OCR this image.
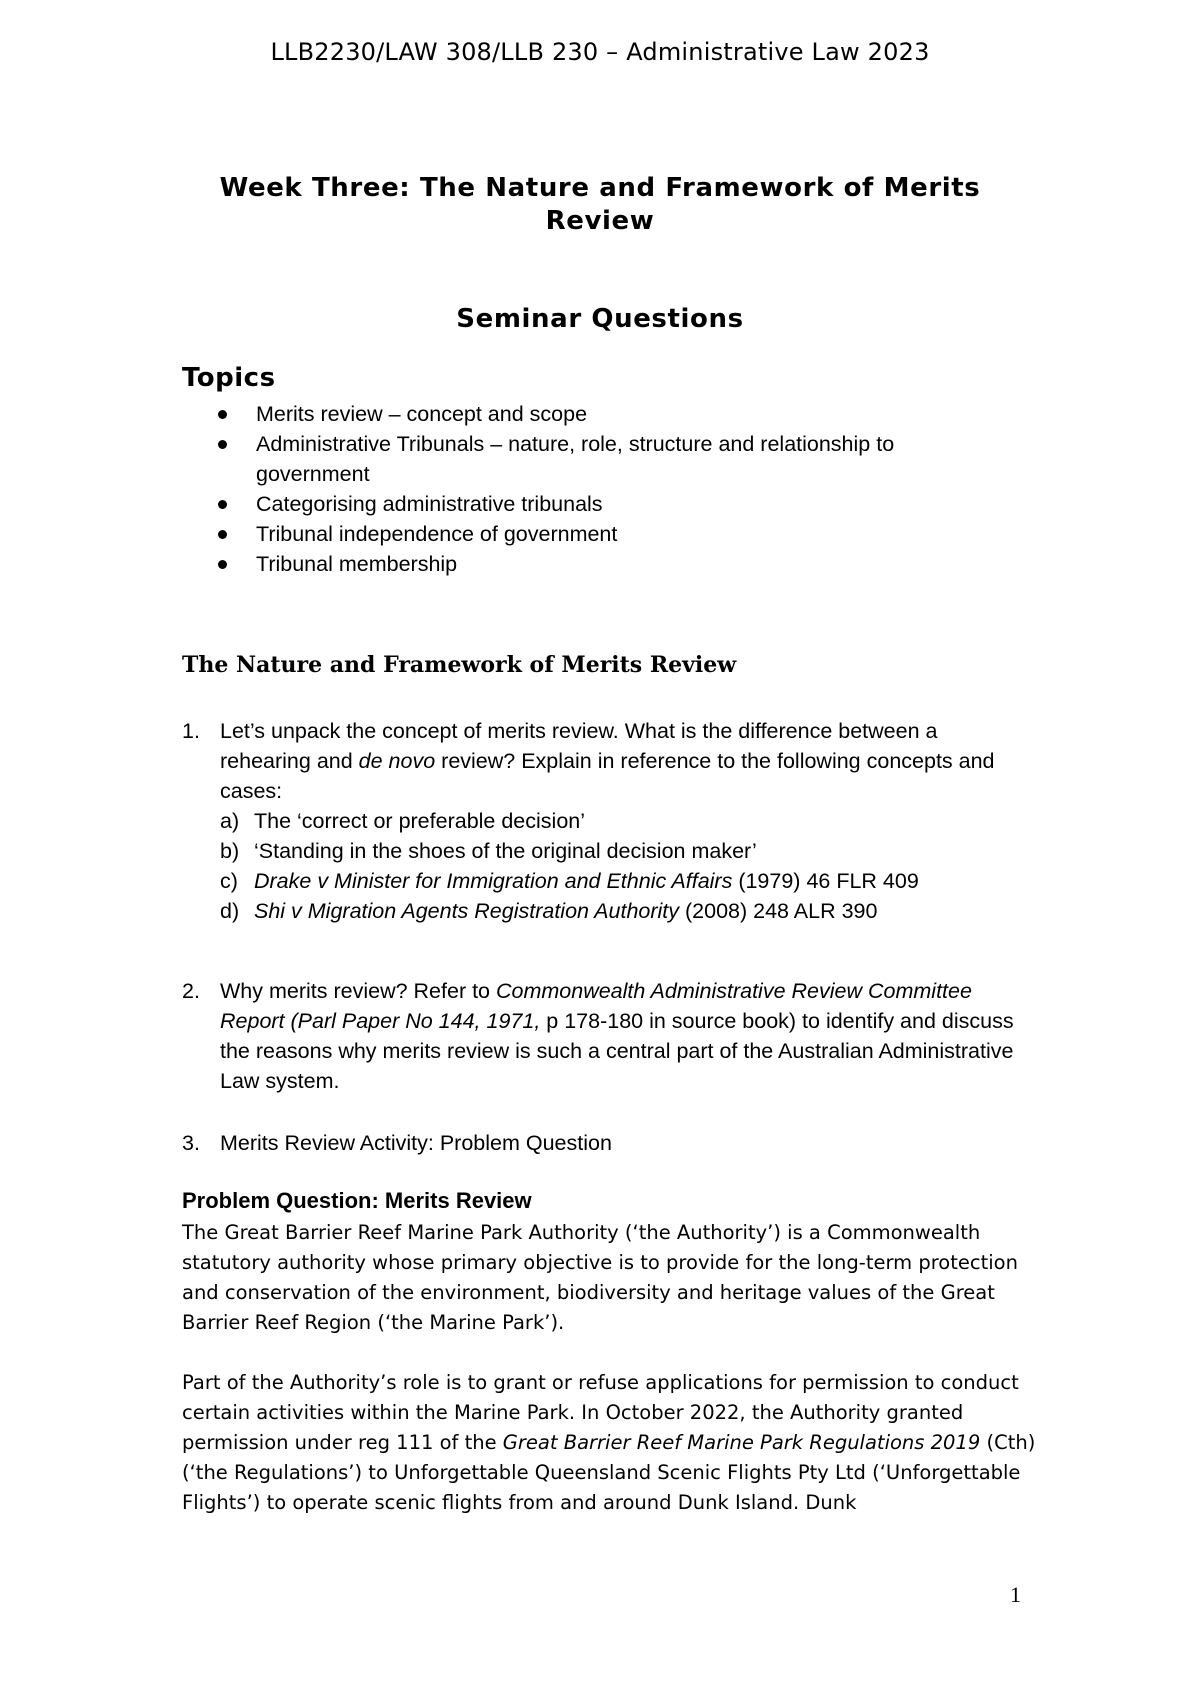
LLB2230/LAW 308/LLB 230 – Administrative Law 2023
Week Three: The Nature and Framework of Merits Review
Seminar Questions
Topics
Merits review – concept and scope
Administrative Tribunals – nature, role, structure and relationship to government
Categorising administrative tribunals
Tribunal independence of government
Tribunal membership
The Nature and Framework of Merits Review
1. Let’s unpack the concept of merits review. What is the difference between a rehearing and de novo review? Explain in reference to the following concepts and cases:
a) The ‘correct or preferable decision’
b) ‘Standing in the shoes of the original decision maker’
c) Drake v Minister for Immigration and Ethnic Affairs (1979) 46 FLR 409
d) Shi v Migration Agents Registration Authority (2008) 248 ALR 390
2. Why merits review? Refer to Commonwealth Administrative Review Committee Report (Parl Paper No 144, 1971, p 178-180 in source book) to identify and discuss the reasons why merits review is such a central part of the Australian Administrative Law system.
3. Merits Review Activity: Problem Question
Problem Question: Merits Review
The Great Barrier Reef Marine Park Authority (‘the Authority’) is a Commonwealth statutory authority whose primary objective is to provide for the long-term protection and conservation of the environment, biodiversity and heritage values of the Great Barrier Reef Region (‘the Marine Park’).
Part of the Authority’s role is to grant or refuse applications for permission to conduct certain activities within the Marine Park. In October 2022, the Authority granted permission under reg 111 of the Great Barrier Reef Marine Park Regulations 2019 (Cth) (‘the Regulations’) to Unforgettable Queensland Scenic Flights Pty Ltd (‘Unforgettable Flights’) to operate scenic flights from and around Dunk Island. Dunk
1
